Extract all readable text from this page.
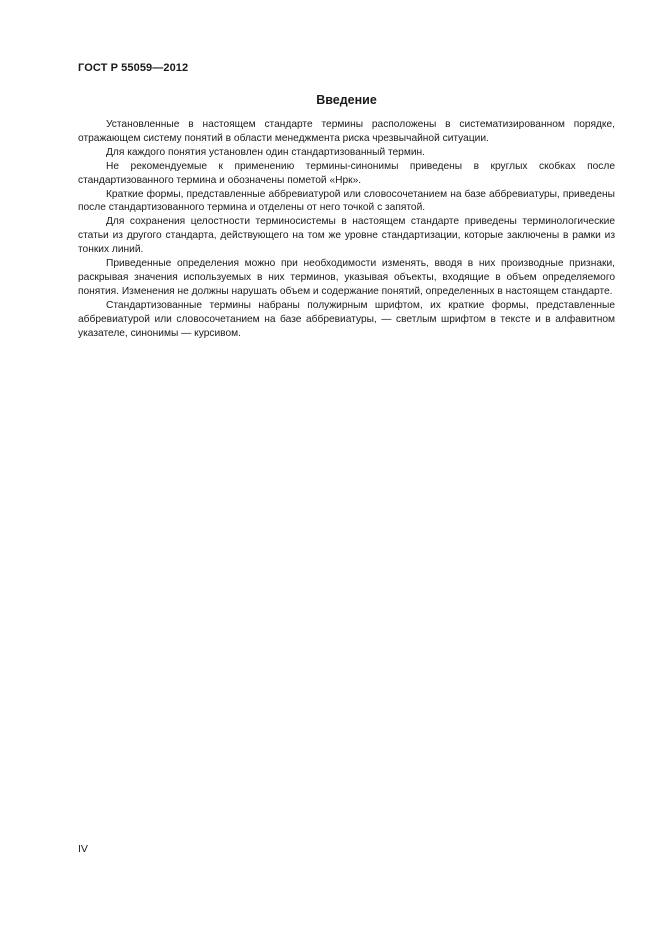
ГОСТ Р 55059—2012
Введение

Установленные в настоящем стандарте термины расположены в систематизированном порядке, отражающем систему понятий в области менеджмента риска чрезвычайной ситуации.

Для каждого понятия установлен один стандартизованный термин.

Не рекомендуемые к применению термины-синонимы приведены в круглых скобках после стандартизованного термина и обозначены пометой «Нрк».

Краткие формы, представленные аббревиатурой или словосочетанием на базе аббревиатуры, приведены после стандартизованного термина и отделены от него точкой с запятой.

Для сохранения целостности терминосистемы в настоящем стандарте приведены терминологические статьи из другого стандарта, действующего на том же уровне стандартизации, которые заключены в рамки из тонких линий.

Приведенные определения можно при необходимости изменять, вводя в них производные признаки, раскрывая значения используемых в них терминов, указывая объекты, входящие в объем определяемого понятия. Изменения не должны нарушать объем и содержание понятий, определенных в настоящем стандарте.

Стандартизованные термины набраны полужирным шрифтом, их краткие формы, представленные аббревиатурой или словосочетанием на базе аббревиатуры, — светлым шрифтом в тексте и в алфавитном указателе, синонимы — курсивом.

IV
